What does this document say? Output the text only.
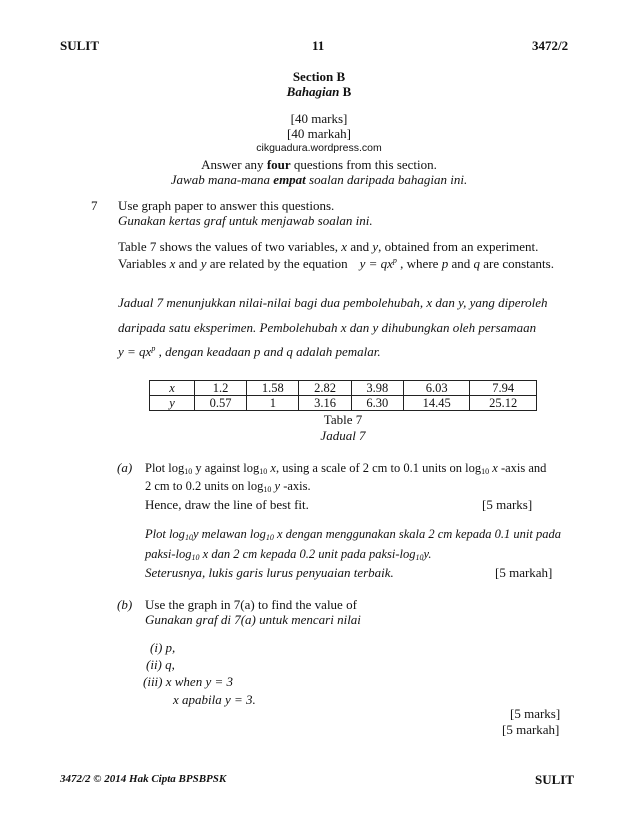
SULIT	11	3472/2
Section B
Bahagian B
[40 marks]
[40 markah]
cikguadura.wordpress.com
Answer any four questions from this section.
Jawab mana-mana empat soalan daripada bahagian ini.
7 Use graph paper to answer this questions.
Gunakan kertas graf untuk menjawab soalan ini.
Table 7 shows the values of two variables, x and y, obtained from an experiment.
Variables x and y are related by the equation $y = qx^p$ , where p and q are constants.
Jadual 7 menunjukkan nilai-nilai bagi dua pembolehubah, x dan y, yang diperoleh
daripada satu eksperimen. Pembolehubah x dan y dihubungkan oleh persamaan
$y = qx^p$ , dengan keadaan p and q adalah pemalar.
x	1.2	1.58	2.82	3.98	6.03	7.94
y	0.57	1	3.16	6.30	14.45	25.12
Table 7
Jadual 7
(a) Plot $\log_{10} y$ against $\log_{10} x$, using a scale of 2 cm to 0.1 units on $\log_{10} x$ -axis and
2 cm to 0.2 units on $\log_{10} y$ -axis.
Hence, draw the line of best fit.	[5 marks]
Plot $\log_{10}y$ melawan $\log_{10} x$ dengan menggunakan skala 2 cm kepada 0.1 unit pada
paksi-$\log_{10}$ x dan 2 cm kepada 0.2 unit pada paksi-$\log_{10}y$.
Seterusnya, lukis garis lurus penyuaian terbaik.	[5 markah]
(b) Use the graph in 7(a) to find the value of
Gunakan graf di 7(a) untuk mencari nilai
(i) p,
(ii) q,
(iii) x when y = 3
x apabila y = 3.
[5 marks]
[5 markah]
3472/2 © 2014 Hak Cipta BPSBPSK	SULIT
